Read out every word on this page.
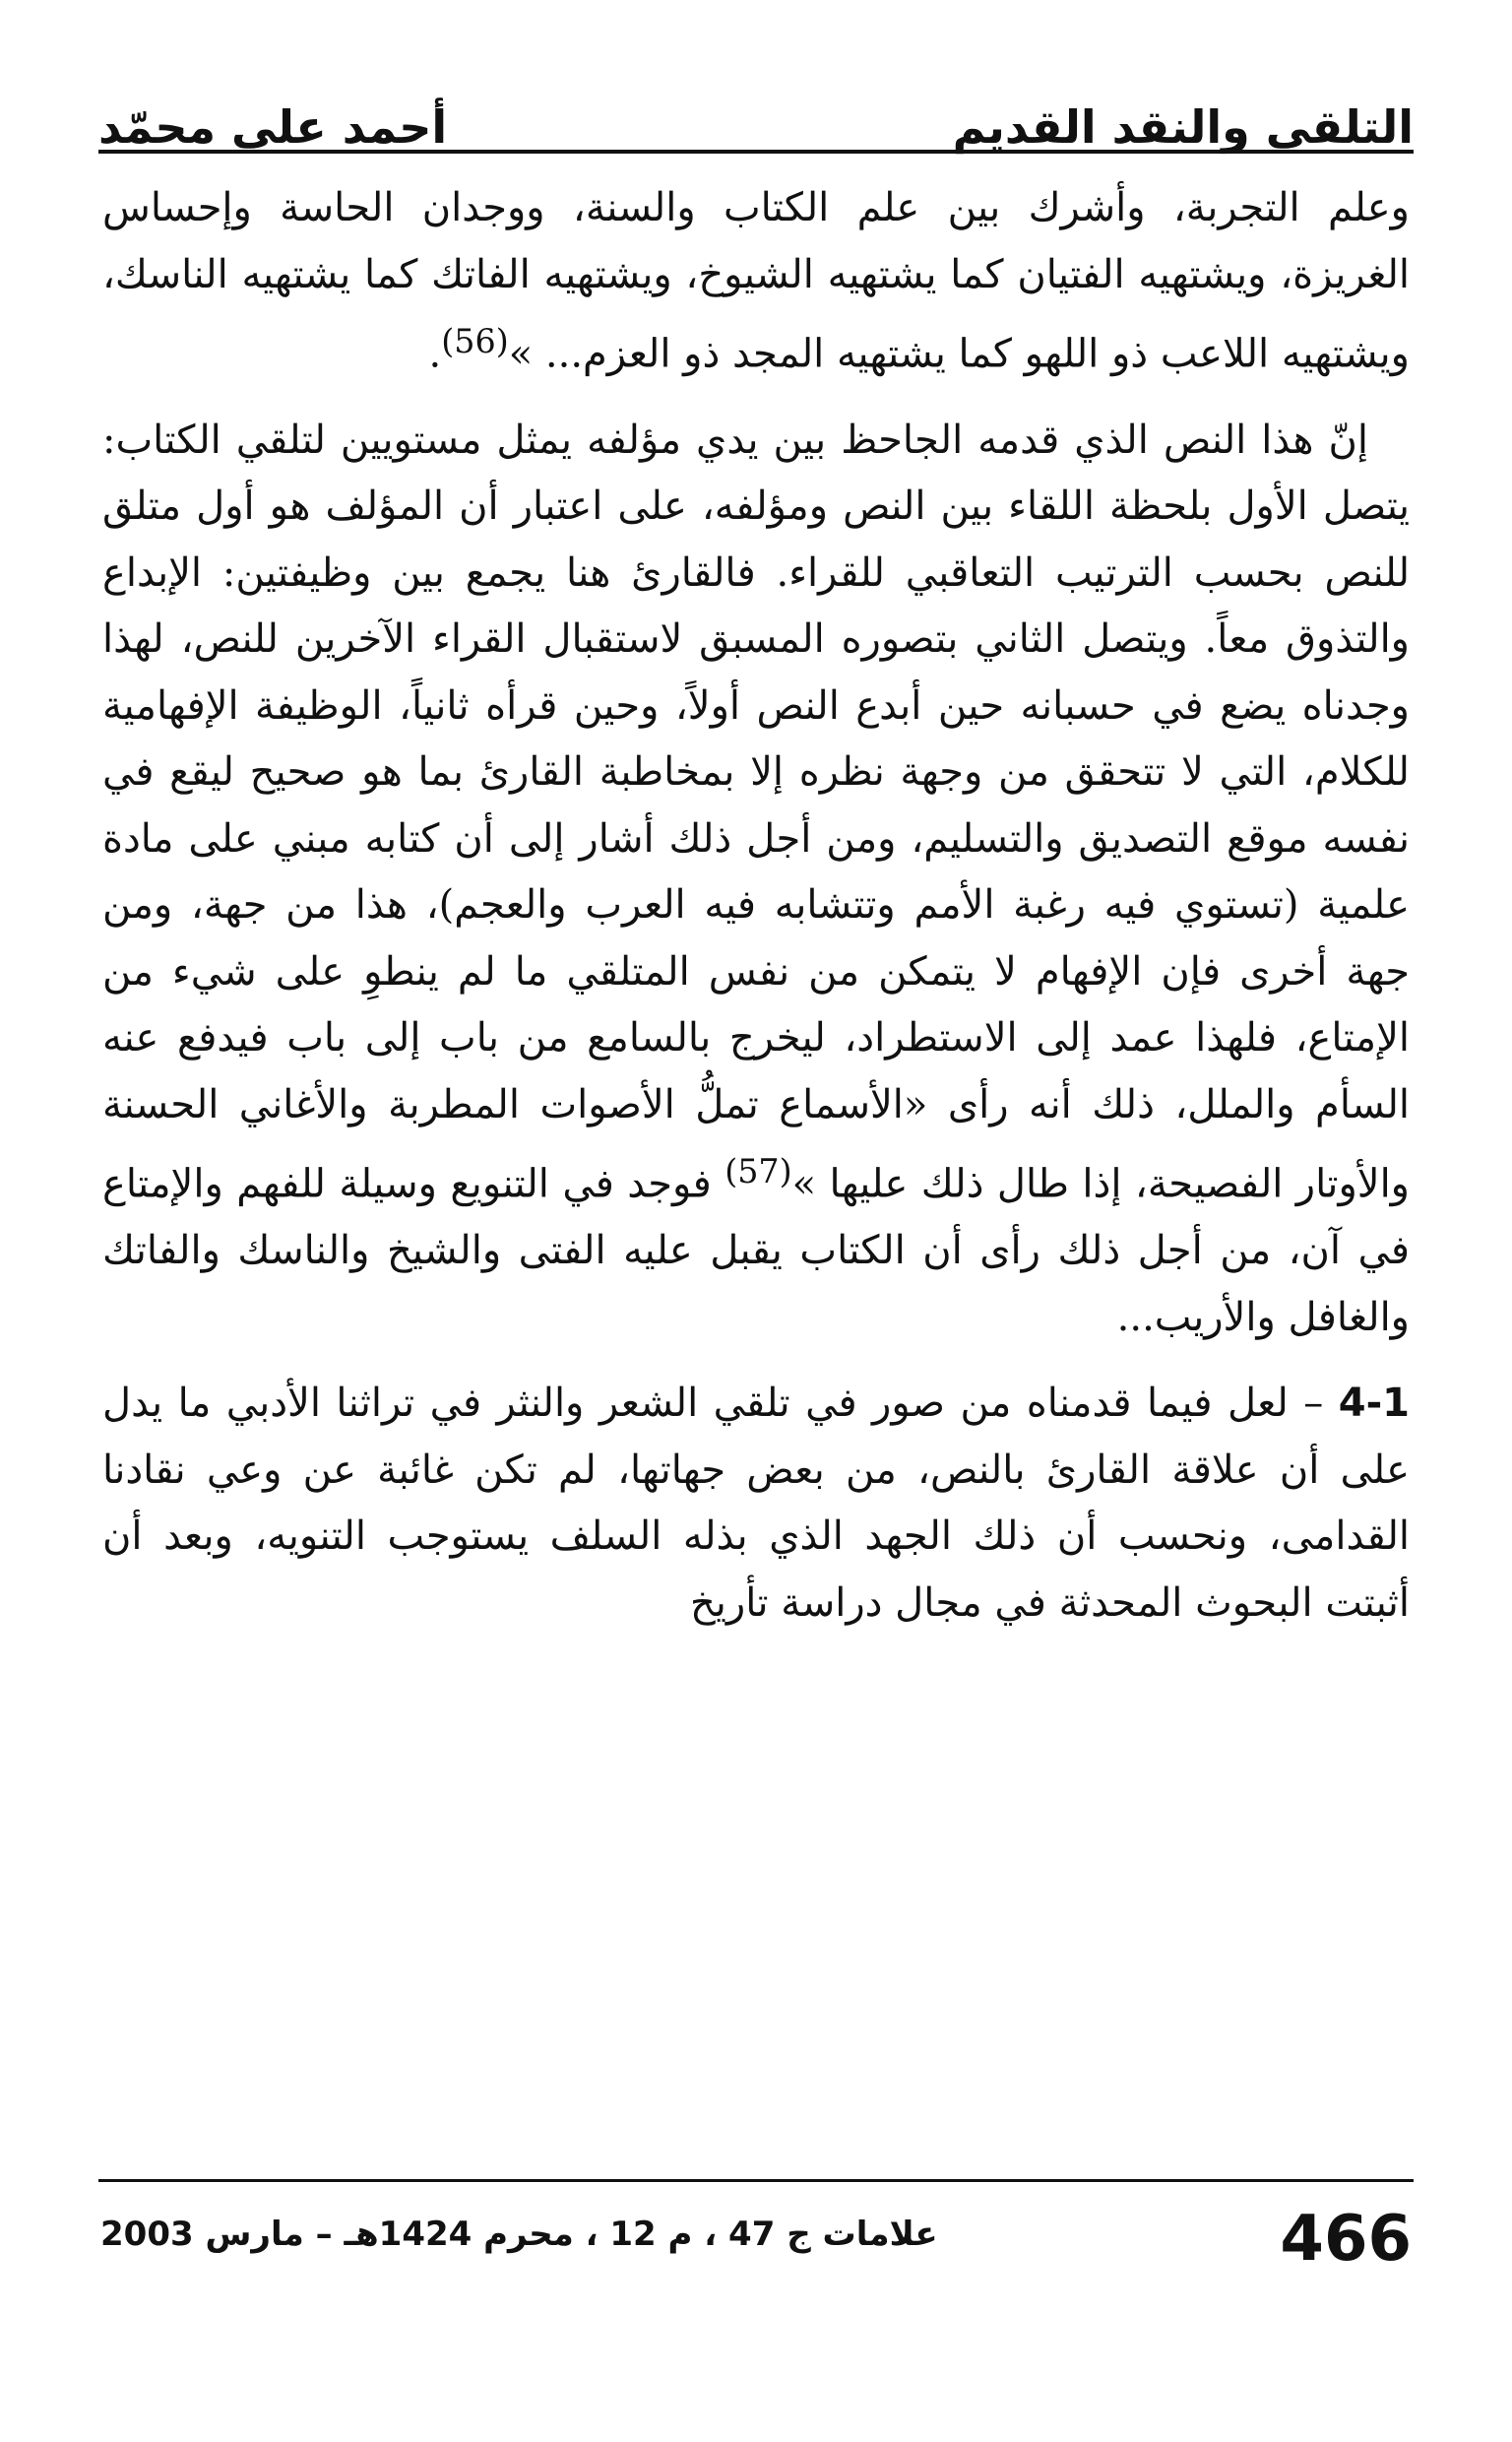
التلقي والنقد القديم
أحمد علي محمّد

وعلم التجربة، وأشرك بين علم الكتاب والسنة، ووجدان الحاسة وإحساس الغريزة، ويشتهيه الفتيان كما يشتهيه الشيوخ، ويشتهيه الفاتك كما يشتهيه الناسك، ويشتهيه اللاعب ذو اللهو كما يشتهيه المجد ذو العزم... »$^{(56)}$.

إنّ هذا النص الذي قدمه الجاحظ بين يدي مؤلفه يمثل مستويين لتلقي الكتاب: يتصل الأول بلحظة اللقاء بين النص ومؤلفه، على اعتبار أن المؤلف هو أول متلق للنص بحسب الترتيب التعاقبي للقراء. فالقارئ هنا يجمع بين وظيفتين: الإبداع والتذوق معاً. ويتصل الثاني بتصوره المسبق لاستقبال القراء الآخرين للنص، لهذا وجدناه يضع في حسبانه حين أبدع النص أولاً، وحين قرأه ثانياً، الوظيفة الإفهامية للكلام، التي لا تتحقق من وجهة نظره إلا بمخاطبة القارئ بما هو صحيح ليقع في نفسه موقع التصديق والتسليم، ومن أجل ذلك أشار إلى أن كتابه مبني على مادة علمية (تستوي فيه رغبة الأمم وتتشابه فيه العرب والعجم)، هذا من جهة، ومن جهة أخرى فإن الإفهام لا يتمكن من نفس المتلقي ما لم ينطوِ على شيء من الإمتاع، فلهذا عمد إلى الاستطراد، ليخرج بالسامع من باب إلى باب فيدفع عنه السأم والملل، ذلك أنه رأى «الأسماع تملُّ الأصوات المطربة والأغاني الحسنة والأوتار الفصيحة، إذا طال ذلك عليها »$^{(57)}$ فوجد في التنويع وسيلة للفهم والإمتاع في آن، من أجل ذلك رأى أن الكتاب يقبل عليه الفتى والشيخ والناسك والفاتك والغافل والأريب...

4-1 – لعل فيما قدمناه من صور في تلقي الشعر والنثر في تراثنا الأدبي ما يدل على أن علاقة القارئ بالنص، من بعض جهاتها، لم تكن غائبة عن وعي نقادنا القدامى، ونحسب أن ذلك الجهد الذي بذله السلف يستوجب التنويه، وبعد أن أثبتت البحوث المحدثة في مجال دراسة تأريخ

466
علامات ج 47 ، م 12 ، محرم 1424هـ – مارس 2003
